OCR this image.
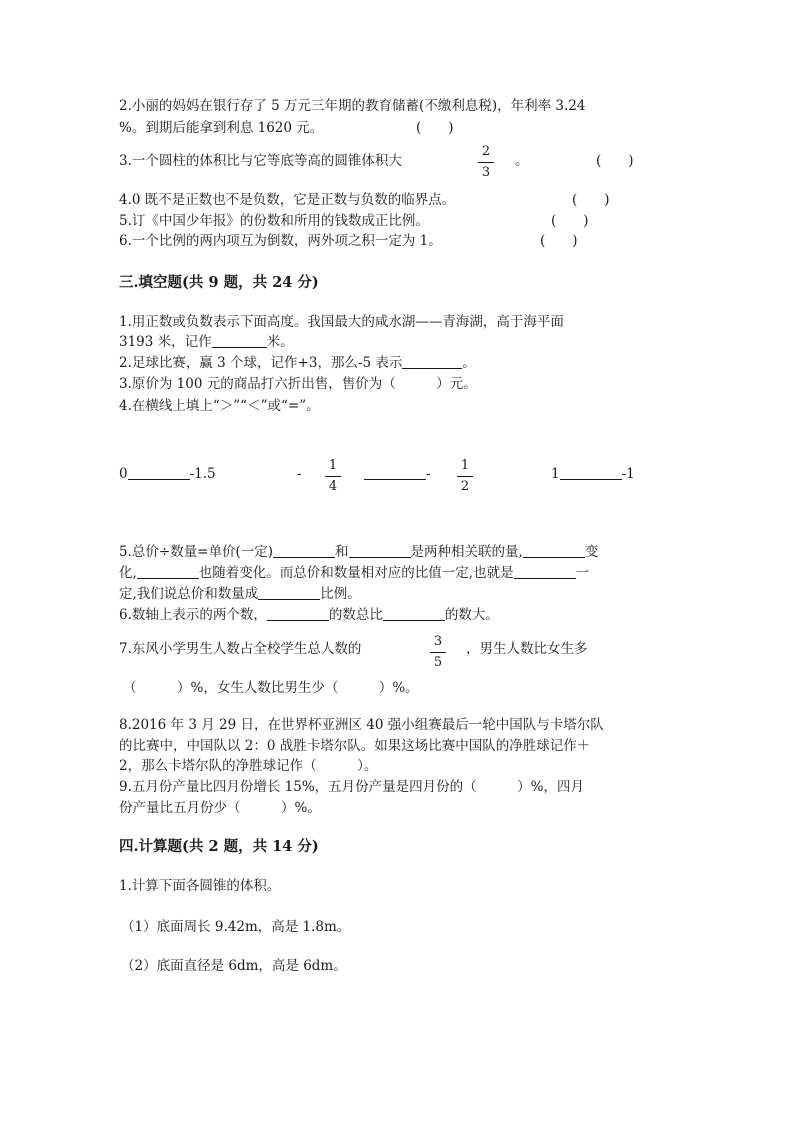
2.小丽的妈妈在银行存了 5 万元三年期的教育储蓄(不缴利息税)，年利率 3.24
%。到期后能拿到利息 1620 元。	(　　)
3.一个圆柱的体积比与它等底等高的圆锥体积大
2
3
。	(　　)
4.0 既不是正数也不是负数，它是正数与负数的临界点。	(　　)
5.订《中国少年报》的份数和所用的钱数成正比例。	(　　)
6.一个比例的两内项互为倒数，两外项之积一定为 1。	(　　)
三.填空题(共 9 题，共 24 分)
1.用正数或负数表示下面高度。我国最大的咸水湖——青海湖，高于海平面
3193 米，记作	米。
2.足球比赛，赢 3 个球，记作+3，那么-5 表示	。
3.原价为 100 元的商品打六折出售，售价为（　　　）元。
4.在横线上填上“＞”“＜”或“=”。
0	-1.5	-
1
4
-
1
2
1	-1
5.总价÷数量=单价(一定)	和	是两种相关联的量,	变
化,	也随着变化。而总价和数量相对应的比值一定,也就是	一
定,我们说总价和数量成	比例。
6.数轴上表示的两个数，	的数总比	的数大。
7.东风小学男生人数占全校学生总人数的	3
5
，男生人数比女生多
（　　　）%，女生人数比男生少（　　　）%。
8.2016 年 3 月 29 日，在世界杯亚洲区 40 强小组赛最后一轮中国队与卡塔尔队
的比赛中，中国队以 2：0 战胜卡塔尔队。如果这场比赛中国队的净胜球记作＋
2，那么卡塔尔队的净胜球记作（　　　）。
9.五月份产量比四月份增长 15%，五月份产量是四月份的（　　　）%，四月
份产量比五月份少（　　　）%。
四.计算题(共 2 题，共 14 分)
1.计算下面各圆锥的体积。
（1）底面周长 9.42m，高是 1.8m。
（2）底面直径是 6dm，高是 6dm。
